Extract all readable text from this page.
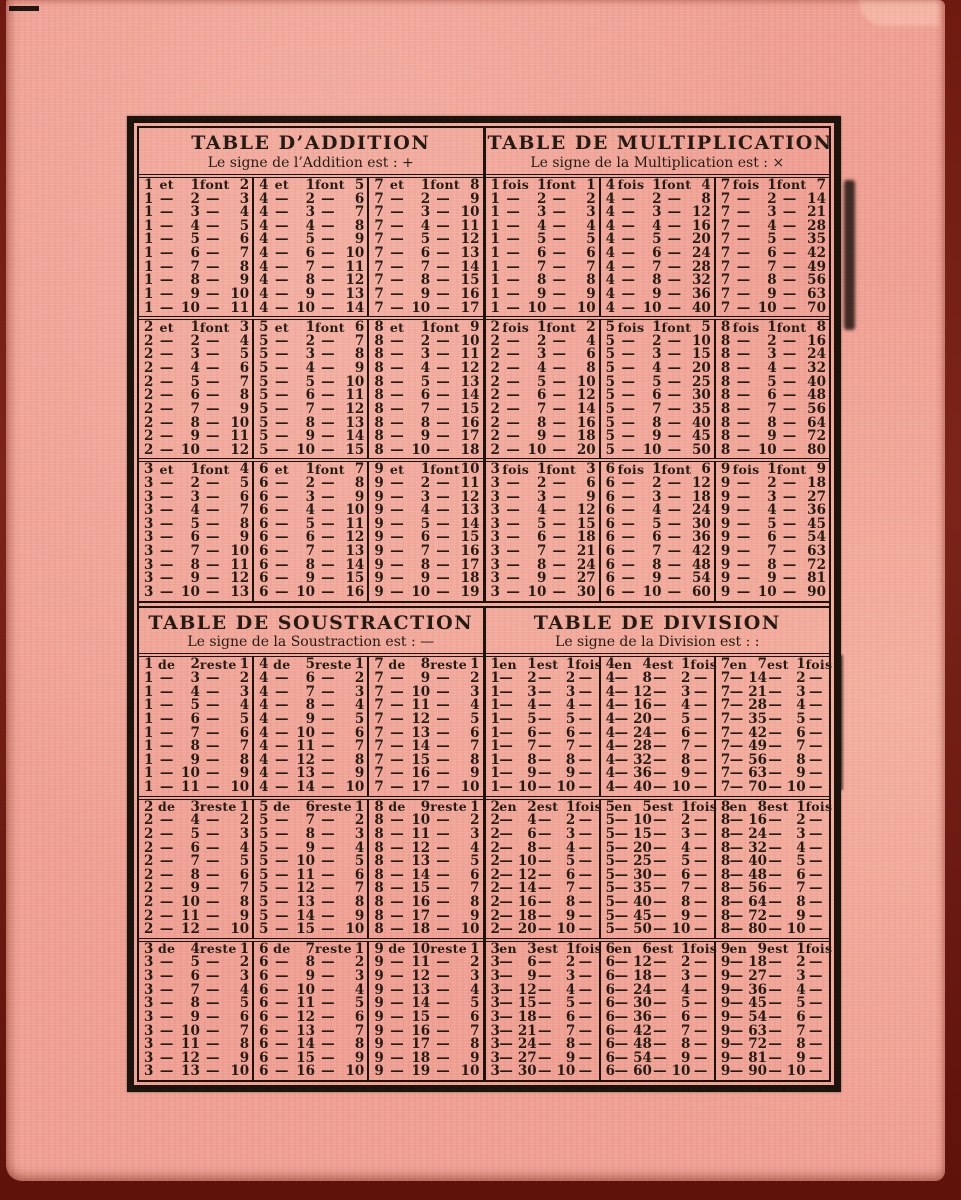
TABLE D’ADDITION
Le signe de l’Addition est : +
1 et	1 font 2
1 —	2 —	3
1 —	3 —	4
1 —	4 —	5
1 —	5 —	6
1 —	6 —	7
1 —	7 —	8
1 —	8 —	9
1 —	9 — 10
1 — 10 — 11
4 et	1 font 5
4 —	2 —	6
4 —	3 —	7
4 —	4 —	8
4 —	5 —	9
4 —	6 — 10
4 —	7 — 11
4 —	8 — 12
4 —	9 — 13
4 — 10 — 14
7 et	1 font 8
7 —	2 —	9
7 —	3 — 10
7 —	4 — 11
7 —	5 — 12
7 —	6 — 13
7 —	7 — 14
7 —	8 — 15
7 —	9 — 16
7 — 10 — 17
2 et	1 font 3
2 —	2 —	4
2 —	3 —	5
2 —	4 —	6
2 —	5 —	7
2 —	6 —	8
2 —	7 —	9
2 —	8 — 10
2 —	9 — 11
2 — 10 — 12
5 et	1 font 6
5 —	2 —	7
5 —	3 —	8
5 —	4 —	9
5 —	5 — 10
5 —	6 — 11
5 —	7 — 12
5 —	8 — 13
5 —	9 — 14
5 — 10 — 15
8 et	1 font 9
8 —	2 — 10
8 —	3 — 11
8 —	4 — 12
8 —	5 — 13
8 —	6 — 14
8 —	7 — 15
8 —	8 — 16
8 —	9 — 17
8 — 10 — 18
3 et	1 font 4
3 —	2 —	5
3 —	3 —	6
3 —	4 —	7
3 —	5 —	8
3 —	6 —	9
3 —	7 — 10
3 —	8 — 11
3 —	9 — 12
3 — 10 — 13
6 et	1 font 7
6 —	2 —	8
6 —	3 —	9
6 —	4 — 10
6 —	5 — 11
6 —	6 — 12
6 —	7 — 13
6 —	8 — 14
6 —	9 — 15
6 — 10 — 16
9 et	1 font 10
9 —	2 — 11
9 —	3 — 12
9 —	4 — 13
9 —	5 — 14
9 —	6 — 15
9 —	7 — 16
9 —	8 — 17
9 —	9 — 18
9 — 10 — 19
TABLE DE MULTIPLICATION
Le signe de la Multiplication est : ×
1 fois 1 font 1
1 —	2 —	2
1 —	3 —	3
1 —	4 —	4
1 —	5 —	5
1 —	6 —	6
1 —	7 —	7
1 —	8 —	8
1 —	9 —	9
1 — 10 — 10
4 fois 1 font 4
4 —	2 —	8
4 —	3 — 12
4 —	4 — 16
4 —	5 — 20
4 —	6 — 24
4 —	7 — 28
4 —	8 — 32
4 —	9 — 36
4 — 10 — 40
7 fois 1 font 7
7 —	2 — 14
7 —	3 — 21
7 —	4 — 28
7 —	5 — 35
7 —	6 — 42
7 —	7 — 49
7 —	8 — 56
7 —	9 — 63
7 — 10 — 70
2 fois 1 font 2
2 —	2 —	4
2 —	3 —	6
2 —	4 —	8
2 —	5 — 10
2 —	6 — 12
2 —	7 — 14
2 —	8 — 16
2 —	9 — 18
2 — 10 — 20
5 fois 1 font 5
5 —	2 — 10
5 —	3 — 15
5 —	4 — 20
5 —	5 — 25
5 —	6 — 30
5 —	7 — 35
5 —	8 — 40
5 —	9 — 45
5 — 10 — 50
8 fois 1 font 8
8 —	2 — 16
8 —	3 — 24
8 —	4 — 32
8 —	5 — 40
8 —	6 — 48
8 —	7 — 56
8 —	8 — 64
8 —	9 — 72
8 — 10 — 80
3 fois 1 font 3
3 —	2 —	6
3 —	3 —	9
3 —	4 — 12
3 —	5 — 15
3 —	6 — 18
3 —	7 — 21
3 —	8 — 24
3 —	9 — 27
3 — 10 — 30
6 fois 1 font 6
6 —	2 — 12
6 —	3 — 18
6 —	4 — 24
6 —	5 — 30
6 —	6 — 36
6 —	7 — 42
6 —	8 — 48
6 —	9 — 54
6 — 10 — 60
9 fois 1 font 9
9 —	2 — 18
9 —	3 — 27
9 —	4 — 36
9 —	5 — 45
9 —	6 — 54
9 —	7 — 63
9 —	8 — 72
9 —	9 — 81
9 — 10 — 90
TABLE DE SOUSTRACTION
Le signe de la Soustraction est : —
1 de	2 reste 1
1 —	3 —	2
1 —	4 —	3
1 —	5 —	4
1 —	6 —	5
1 —	7 —	6
1 —	8 —	7
1 —	9 —	8
1 — 10 —	9
1 — 11 — 10
4 de	5 reste 1
4 —	6 —	2
4 —	7 —	3
4 —	8 —	4
4 —	9 —	5
4 — 10 —	6
4 — 11 —	7
4 — 12 —	8
4 — 13 —	9
4 — 14 — 10
7 de	8 reste 1
7 —	9 —	2
7 — 10 —	3
7 — 11 —	4
7 — 12 —	5
7 — 13 —	6
7 — 14 —	7
7 — 15 —	8
7 — 16 —	9
7 — 17 — 10
2 de	3 reste 1
2 —	4 —	2
2 —	5 —	3
2 —	6 —	4
2 —	7 —	5
2 —	8 —	6
2 —	9 —	7
2 — 10 —	8
2 — 11 —	9
2 — 12 — 10
5 de	6 reste 1
5 —	7 —	2
5 —	8 —	3
5 —	9 —	4
5 — 10 —	5
5 — 11 —	6
5 — 12 —	7
5 — 13 —	8
5 — 14 —	9
5 — 15 — 10
8 de	9 reste 1
8 — 10 —	2
8 — 11 —	3
8 — 12 —	4
8 — 13 —	5
8 — 14 —	6
8 — 15 —	7
8 — 16 —	8
8 — 17 —	9
8 — 18 — 10
3 de	4 reste 1
3 —	5 —	2
3 —	6 —	3
3 —	7 —	4
3 —	8 —	5
3 —	9 —	6
3 — 10 —	7
3 — 11 —	8
3 — 12 —	9
3 — 13 — 10
6 de	7 reste 1
6 —	8 —	2
6 —	9 —	3
6 — 10 —	4
6 — 11 —	5
6 — 12 —	6
6 — 13 —	7
6 — 14 —	8
6 — 15 —	9
6 — 16 — 10
9 de 10 reste 1
9 — 11 —	2
9 — 12 —	3
9 — 13 —	4
9 — 14 —	5
9 — 15 —	6
9 — 16 —	7
9 — 17 —	8
9 — 18 —	9
9 — 19 — 10
TABLE DE DIVISION
Le signe de la Division est : :
1 en 1 est 1 fois
1 —	2 —	2 —
1 —	3 —	3 —
1 —	4 —	4 —
1 —	5 —	5 —
1 —	6 —	6 —
1 —	7 —	7 —
1 —	8 —	8 —
1 —	9 —	9 —
1 — 10 — 10 —
4 en 4 est 1 fois
4 —	8 —	2 —
4 — 12 —	3 —
4 — 16 —	4 —
4 — 20 —	5 —
4 — 24 —	6 —
4 — 28 —	7 —
4 — 32 —	8 —
4 — 36 —	9 —
4 — 40 — 10 —
7 en 7 est 1 fois
7 — 14 —	2 —
7 — 21 —	3 —
7 — 28 —	4 —
7 — 35 —	5 —
7 — 42 —	6 —
7 — 49 —	7 —
7 — 56 —	8 —
7 — 63 —	9 —
7 — 70 — 10 —
2 en 2 est 1 fois
2 —	4 —	2 —
2 —	6 —	3 —
2 —	8 —	4 —
2 — 10 —	5 —
2 — 12 —	6 —
2 — 14 —	7 —
2 — 16 —	8 —
2 — 18 —	9 —
2 — 20 — 10 —
5 en 5 est 1 fois
5 — 10 —	2 —
5 — 15 —	3 —
5 — 20 —	4 —
5 — 25 —	5 —
5 — 30 —	6 —
5 — 35 —	7 —
5 — 40 —	8 —
5 — 45 —	9 —
5 — 50 — 10 —
8 en 8 est 1 fois
8 — 16 —	2 —
8 — 24 —	3 —
8 — 32 —	4 —
8 — 40 —	5 —
8 — 48 —	6 —
8 — 56 —	7 —
8 — 64 —	8 —
8 — 72 —	9 —
8 — 80 — 10 —
3 en 3 est 1 fois
3 —	6 —	2 —
3 —	9 —	3 —
3 — 12 —	4 —
3 — 15 —	5 —
3 — 18 —	6 —
3 — 21 —	7 —
3 — 24 —	8 —
3 — 27 —	9 —
3 — 30 — 10 —
6 en 6 est 1 fois
6 — 12 —	2 —
6 — 18 —	3 —
6 — 24 —	4 —
6 — 30 —	5 —
6 — 36 —	6 —
6 — 42 —	7 —
6 — 48 —	8 —
6 — 54 —	9 —
6 — 60 — 10 —
9 en 9 est 1 fois
9 — 18 —	2 —
9 — 27 —	3 —
9 — 36 —	4 —
9 — 45 —	5 —
9 — 54 —	6 —
9 — 63 —	7 —
9 — 72 —	8 —
9 — 81 —	9 —
9 — 90 — 10 —
